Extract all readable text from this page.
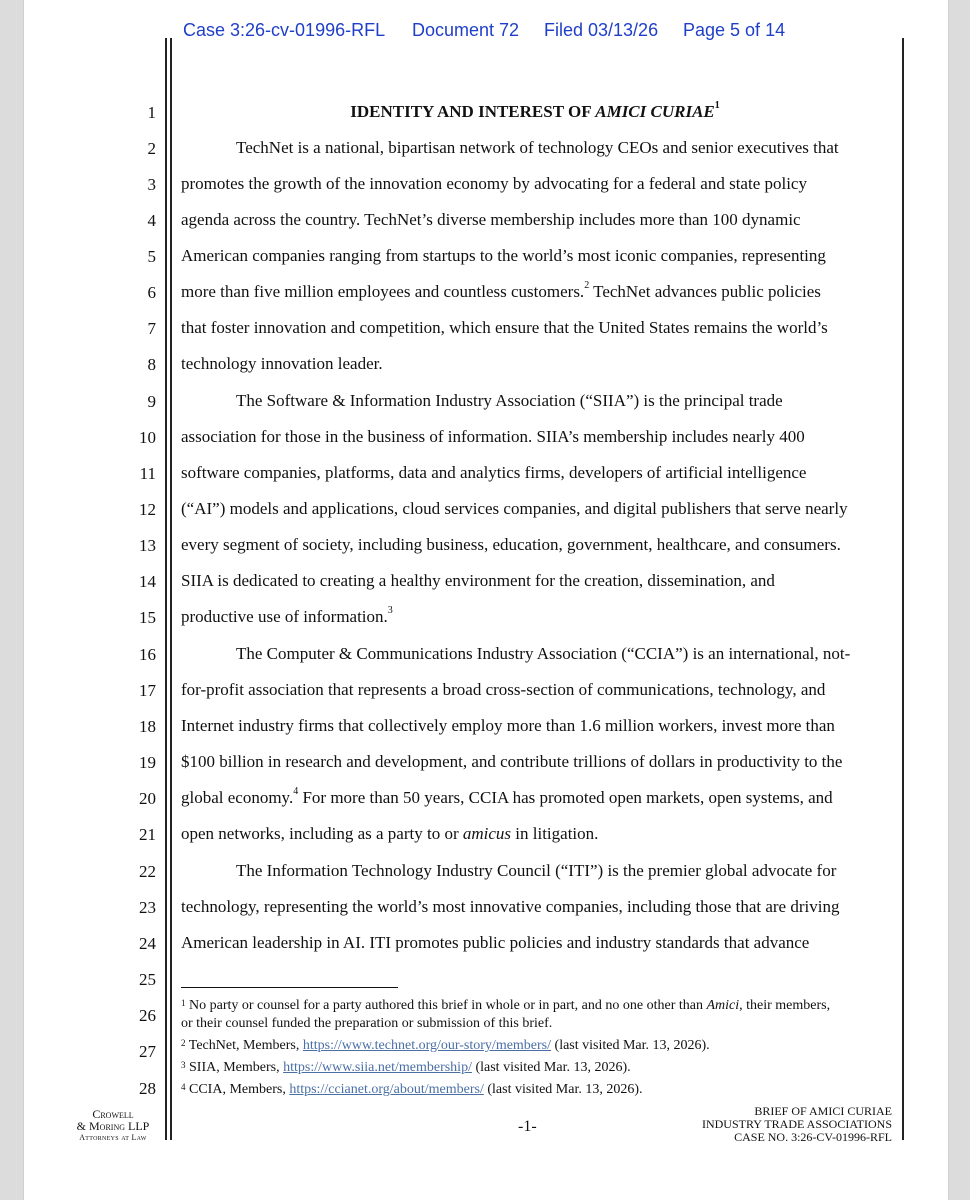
Case 3:26-cv-01996-RFL Document 72 Filed 03/13/26 Page 5 of 14
1
2
3
4
5
6
7
8
9
10
11
12
13
14
15
16
17
18
19
20
21
22
23
24
25
26
27
28
IDENTITY AND INTEREST OF AMICI CURIAE$^1$
TechNet is a national, bipartisan network of technology CEOs and senior executives that
promotes the growth of the innovation economy by advocating for a federal and state policy
agenda across the country. TechNet’s diverse membership includes more than 100 dynamic
American companies ranging from startups to the world’s most iconic companies, representing
more than five million employees and countless customers.$^2$ TechNet advances public policies
that foster innovation and competition, which ensure that the United States remains the world’s
technology innovation leader.
The Software & Information Industry Association (“SIIA”) is the principal trade
association for those in the business of information. SIIA’s membership includes nearly 400
software companies, platforms, data and analytics firms, developers of artificial intelligence
(“AI”) models and applications, cloud services companies, and digital publishers that serve nearly
every segment of society, including business, education, government, healthcare, and consumers.
SIIA is dedicated to creating a healthy environment for the creation, dissemination, and
productive use of information.$^3$
The Computer & Communications Industry Association (“CCIA”) is an international, not-
for-profit association that represents a broad cross-section of communications, technology, and
Internet industry firms that collectively employ more than 1.6 million workers, invest more than
$100 billion in research and development, and contribute trillions of dollars in productivity to the
global economy.$^4$ For more than 50 years, CCIA has promoted open markets, open systems, and
open networks, including as a party to or amicus in litigation.
The Information Technology Industry Council (“ITI”) is the premier global advocate for
technology, representing the world’s most innovative companies, including those that are driving
American leadership in AI. ITI promotes public policies and industry standards that advance
$^1$ No party or counsel for a party authored this brief in whole or in part, and no one other than Amici, their members,
or their counsel funded the preparation or submission of this brief.
$^2$ TechNet, Members, https://www.technet.org/our-story/members/ (last visited Mar. 13, 2026).
$^3$ SIIA, Members, https://www.siia.net/membership/ (last visited Mar. 13, 2026).
$^4$ CCIA, Members, https://ccianet.org/about/members/ (last visited Mar. 13, 2026).
Crowell
& Moring LLP
Attorneys at Law
-1-
BRIEF OF AMICI CURIAE
INDUSTRY TRADE ASSOCIATIONS
CASE NO. 3:26-CV-01996-RFL
